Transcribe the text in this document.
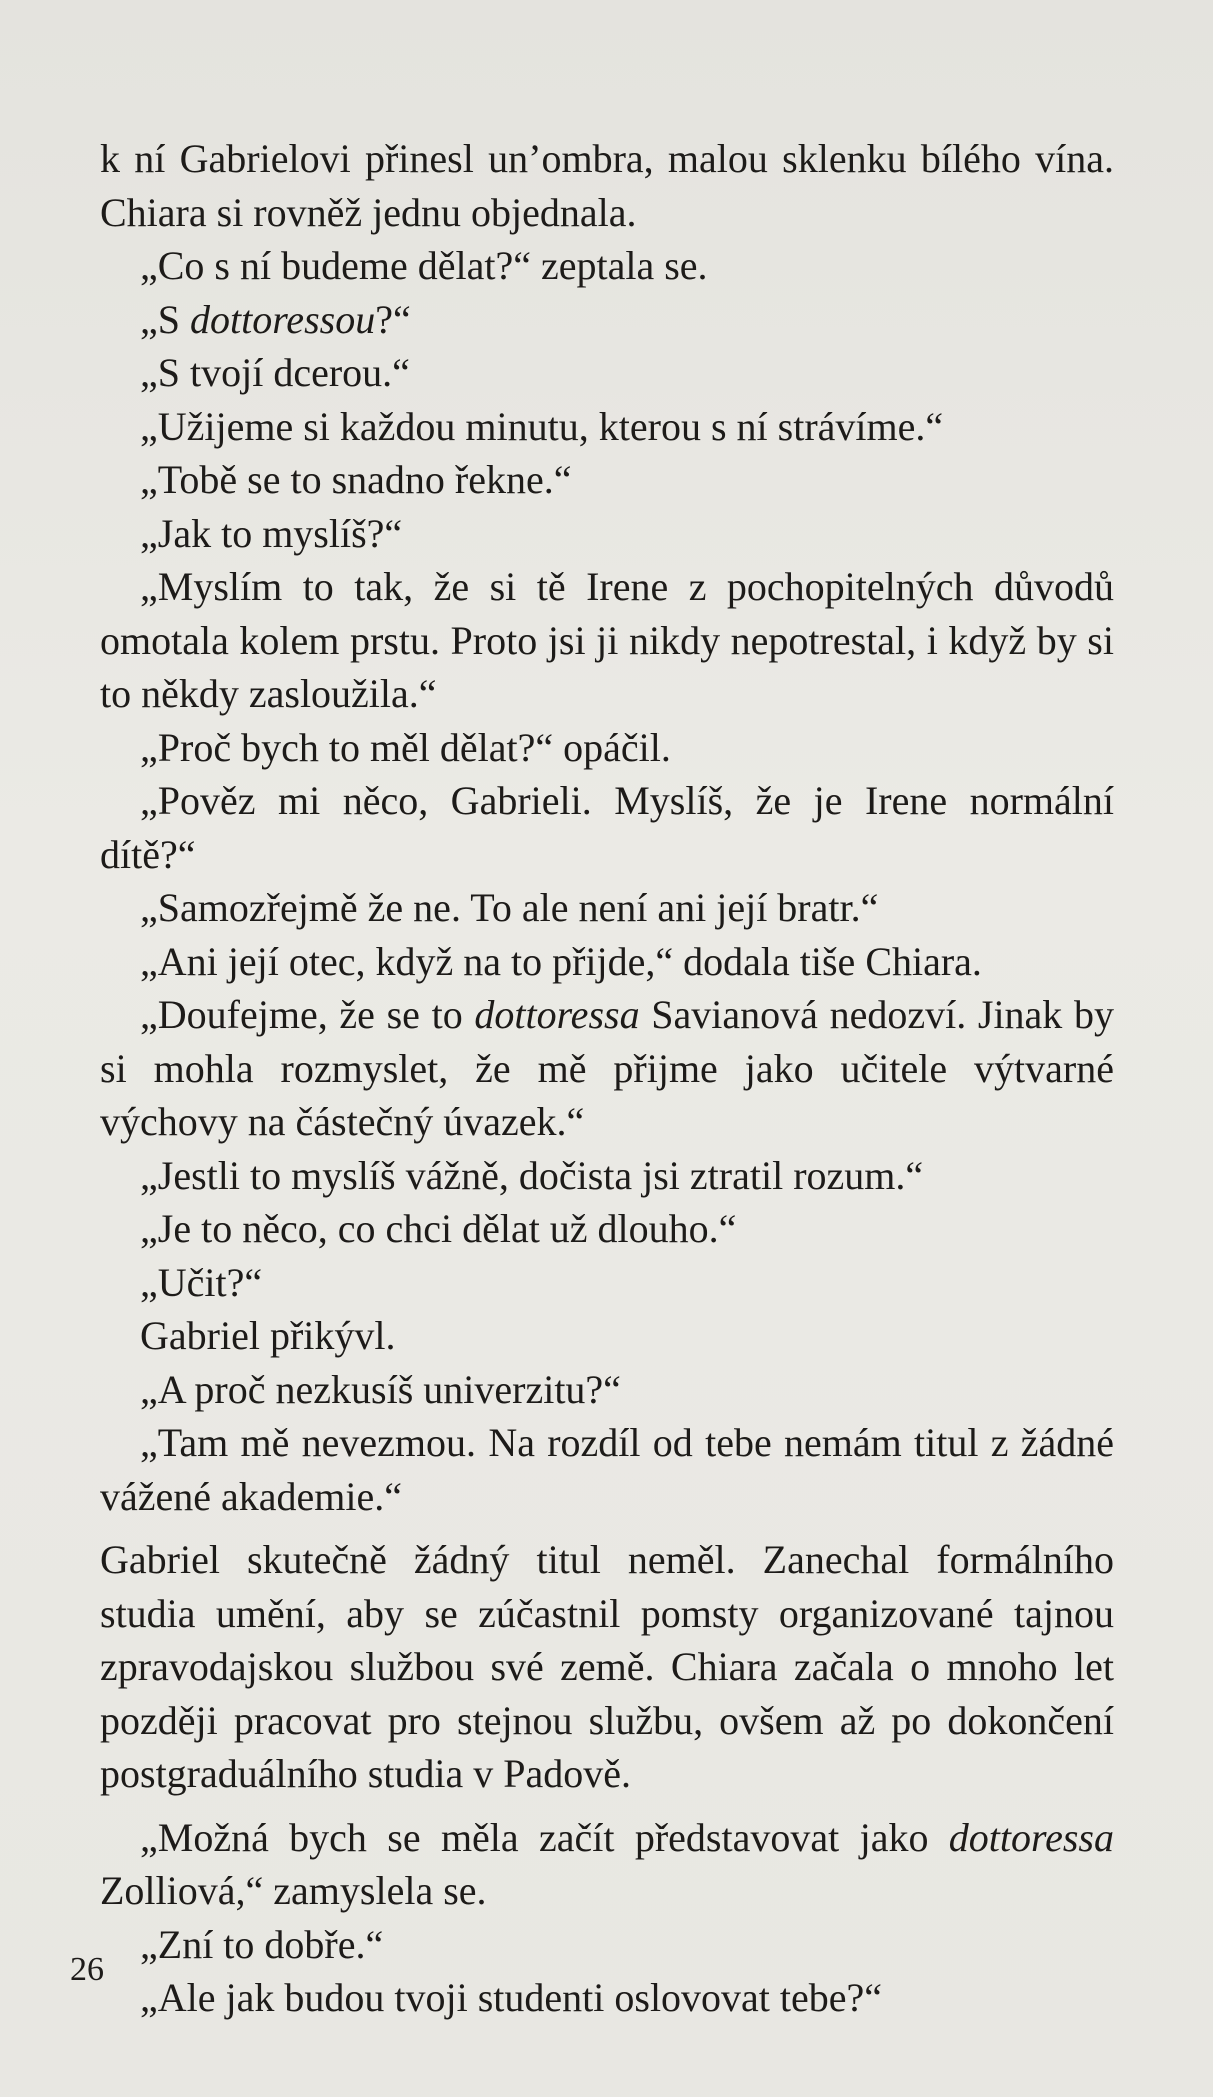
k ní Gabrielovi přinesl un’ombra, malou sklenku bílého vína. Chiara si rovněž jednu objednala.

„Co s ní budeme dělat?“ zeptala se.

„S dottoressou?“

„S tvojí dcerou.“

„Užijeme si každou minutu, kterou s ní strávíme.“

„Tobě se to snadno řekne.“

„Jak to myslíš?“

„Myslím to tak, že si tě Irene z pochopitelných důvodů omotala kolem prstu. Proto jsi ji nikdy nepotrestal, i když by si to někdy zasloužila.“

„Proč bych to měl dělat?“ opáčil.

„Pověz mi něco, Gabrieli. Myslíš, že je Irene normální dítě?“

„Samozřejmě že ne. To ale není ani její bratr.“

„Ani její otec, když na to přijde,“ dodala tiše Chiara.

„Doufejme, že se to dottoressa Savianová nedozví. Jinak by si mohla rozmyslet, že mě přijme jako učitele výtvarné výchovy na částečný úvazek.“

„Jestli to myslíš vážně, dočista jsi ztratil rozum.“

„Je to něco, co chci dělat už dlouho.“

„Učit?“

Gabriel přikývl.

„A proč nezkusíš univerzitu?“

„Tam mě nevezmou. Na rozdíl od tebe nemám titul z žádné vážené akademie.“

Gabriel skutečně žádný titul neměl. Zanechal formálního studia umění, aby se zúčastnil pomsty organizované tajnou zpravodajskou službou své země. Chiara začala o mnoho let později pracovat pro stejnou službu, ovšem až po dokončení postgraduálního studia v Padově.

„Možná bych se měla začít představovat jako dottoressa Zolliová,“ zamyslela se.

„Zní to dobře.“

„Ale jak budou tvoji studenti oslovovat tebe?“

26
